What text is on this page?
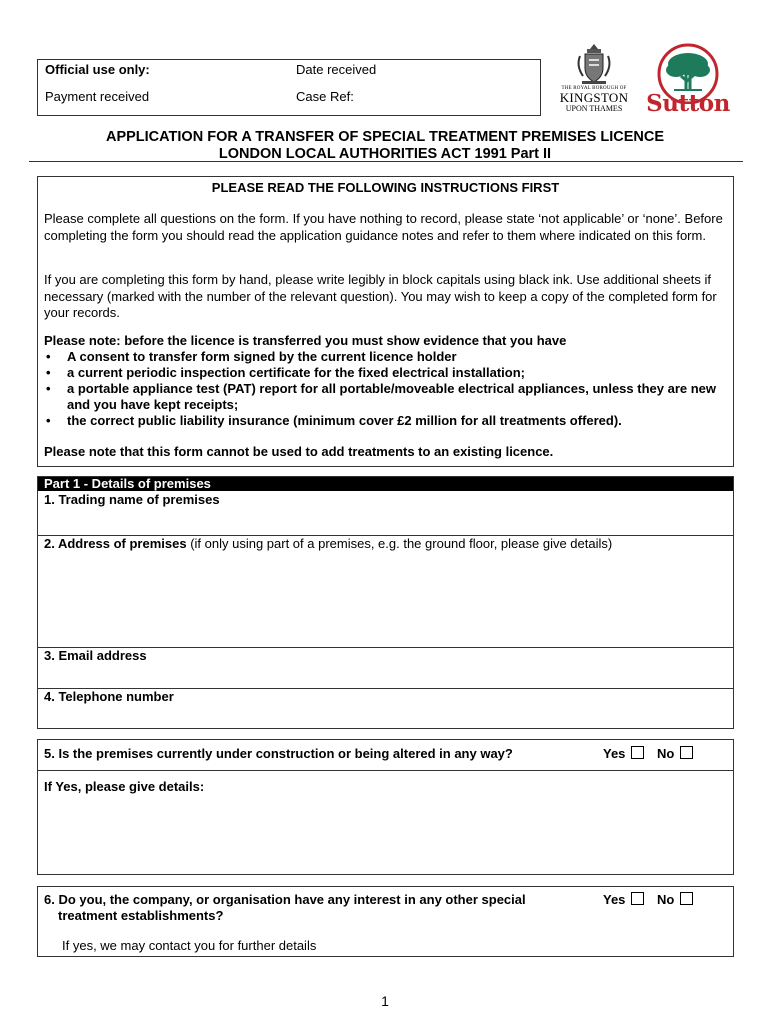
Official use only:	Date received
Payment received	Case Ref:
THE ROYAL BOROUGH OF
KINGSTON
UPON THAMES	Sutton
APPLICATION FOR A TRANSFER OF SPECIAL TREATMENT PREMISES LICENCE
LONDON LOCAL AUTHORITIES ACT 1991 Part II
PLEASE READ THE FOLLOWING INSTRUCTIONS FIRST

Please complete all questions on the form. If you have nothing to record, please state ‘not applicable’ or ‘none’. Before completing the form you should read the application guidance notes and refer to them where indicated on this form.

If you are completing this form by hand, please write legibly in block capitals using black ink. Use additional sheets if necessary (marked with the number of the relevant question). You may wish to keep a copy of the completed form for your records.

Please note: before the licence is transferred you must show evidence that you have

• A consent to transfer form signed by the current licence holder
• a current periodic inspection certificate for the fixed electrical installation;
• a portable appliance test (PAT) report for all portable/moveable electrical appliances, unless they are new and you have kept receipts;
• the correct public liability insurance (minimum cover £2 million for all treatments offered).

Please note that this form cannot be used to add treatments to an existing licence.

Part 1 - Details of premises
1. Trading name of premises
2. Address of premises (if only using part of a premises, e.g. the ground floor, please give details)
3. Email address
4. Telephone number
5. Is the premises currently under construction or being altered in any way?	Yes	No
If Yes, please give details:
6. Do you, the company, or organisation have any interest in any other special
treatment establishments?
Yes	No
If yes, we may contact you for further details
1
